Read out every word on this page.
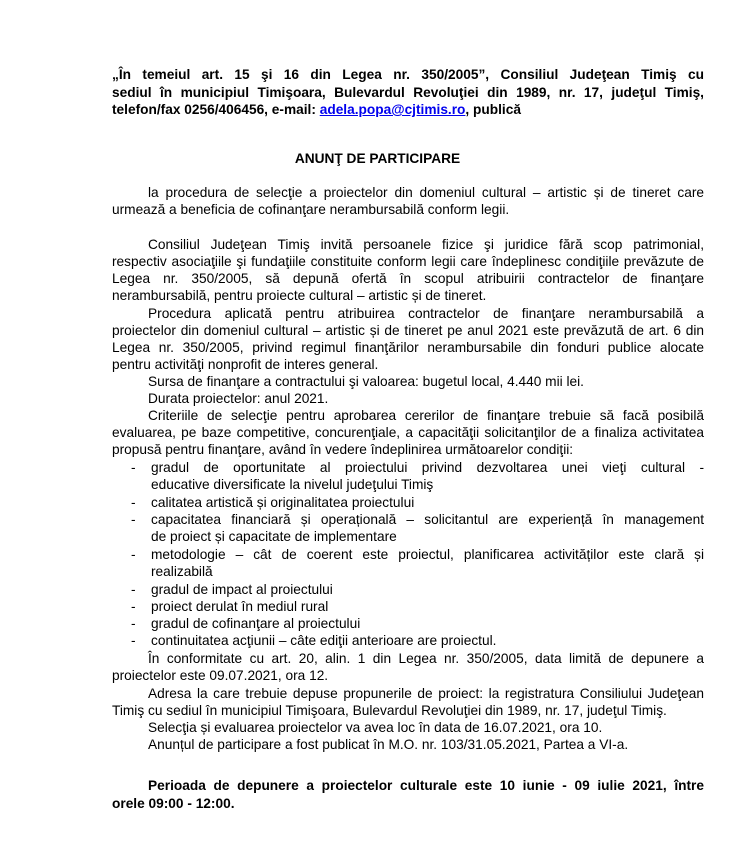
„În temeiul art. 15 şi 16 din Legea nr. 350/2005”, Consiliul Judeţean Timiş cu
sediul în municipiul Timişoara, Bulevardul Revoluţiei din 1989, nr. 17, judeţul Timiş,
telefon/fax 0256/406456, e-mail: adela.popa@cjtimis.ro, publică
ANUNŢ DE PARTICIPARE
la procedura de selecţie a proiectelor din domeniul cultural – artistic și de tineret care
urmează a beneficia de cofinanţare nerambursabilă conform legii.
Consiliul Judeţean Timiş invită persoanele fizice şi juridice fără scop patrimonial,
respectiv asociaţiile şi fundaţiile constituite conform legii care îndeplinesc condiţiile prevăzute de
Legea nr. 350/2005, să depună ofertă în scopul atribuirii contractelor de finanţare
nerambursabilă, pentru proiecte cultural – artistic și de tineret.
Procedura aplicată pentru atribuirea contractelor de finanţare nerambursabilă a
proiectelor din domeniul cultural – artistic și de tineret pe anul 2021 este prevăzută de art. 6 din
Legea nr. 350/2005, privind regimul finanţărilor nerambursabile din fonduri publice alocate
pentru activităţi nonprofit de interes general.
Sursa de finanţare a contractului şi valoarea: bugetul local, 4.440 mii lei.
Durata proiectelor: anul 2021.
Criteriile de selecţie pentru aprobarea cererilor de finanţare trebuie să facă posibilă
evaluarea, pe baze competitive, concurenţiale, a capacităţii solicitanţilor de a finaliza activitatea
propusă pentru finanţare, având în vedere îndeplinirea următoarelor condiţii:
- gradul de oportunitate al proiectului privind dezvoltarea unei vieţi cultural -
educative diversificate la nivelul judeţului Timiş
- calitatea artistică și originalitatea proiectului
- capacitatea financiară și operațională – solicitantul are experiență în management
de proiect și capacitate de implementare
- metodologie – cât de coerent este proiectul, planificarea activităților este clară și
realizabilă
- gradul de impact al proiectului
- proiect derulat în mediul rural
- gradul de cofinanţare al proiectului
- continuitatea acţiunii – câte ediţii anterioare are proiectul.
În conformitate cu art. 20, alin. 1 din Legea nr. 350/2005, data limită de depunere a
proiectelor este 09.07.2021, ora 12.
Adresa la care trebuie depuse propunerile de proiect: la registratura Consiliului Judeţean
Timiş cu sediul în municipiul Timişoara, Bulevardul Revoluţiei din 1989, nr. 17, judeţul Timiş.
Selecţia și evaluarea proiectelor va avea loc în data de 16.07.2021, ora 10.
Anunțul de participare a fost publicat în M.O. nr. 103/31.05.2021, Partea a VI-a.
Perioada de depunere a proiectelor culturale este 10 iunie - 09 iulie 2021, între
orele 09:00 - 12:00.
